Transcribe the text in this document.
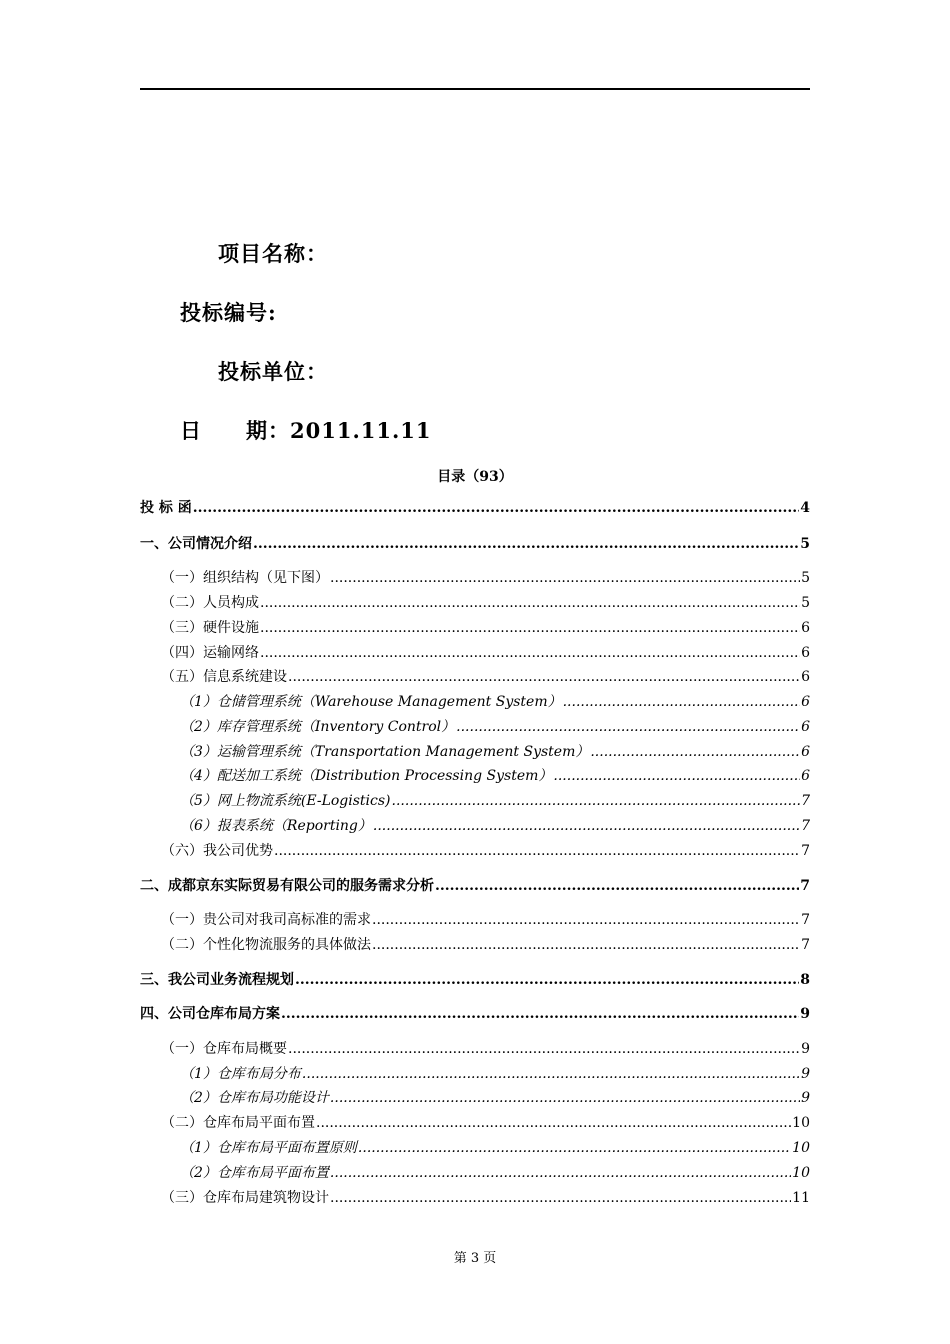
项目名称：
投标编号:
投标单位：
日　　期：2011.11.11
目录（93）
投 标 函 .....	4
一、公司情况介绍 .....	5
（一）组织结构（见下图） .....	5
（二）人员构成 .....	5
（三）硬件设施 .....	6
（四）运输网络 .....	6
（五）信息系统建设 .....	6
（1）仓储管理系统（Warehouse Management System） .....	6
（2）库存管理系统（Inventory Control） .....	6
（3）运输管理系统（Transportation Management System） .....	6
（4）配送加工系统（Distribution Processing System） .....	6
（5）网上物流系统(E-Logistics) .....	7
（6）报表系统（Reporting） .....	7
（六）我公司优势 .....	7
二、成都京东实际贸易有限公司的服务需求分析 .....	7
（一）贵公司对我司高标准的需求 .....	7
（二）个性化物流服务的具体做法 .....	7
三、我公司业务流程规划 .....	8
四、公司仓库布局方案 .....	9
（一）仓库布局概要 .....	9
（1）仓库布局分布 .....	9
（2）仓库布局功能设计 .....	9
（二）仓库布局平面布置 .....	10
（1）仓库布局平面布置原则 .....	10
（2）仓库布局平面布置 .....	10
（三）仓库布局建筑物设计 .....	11
第 3 页
